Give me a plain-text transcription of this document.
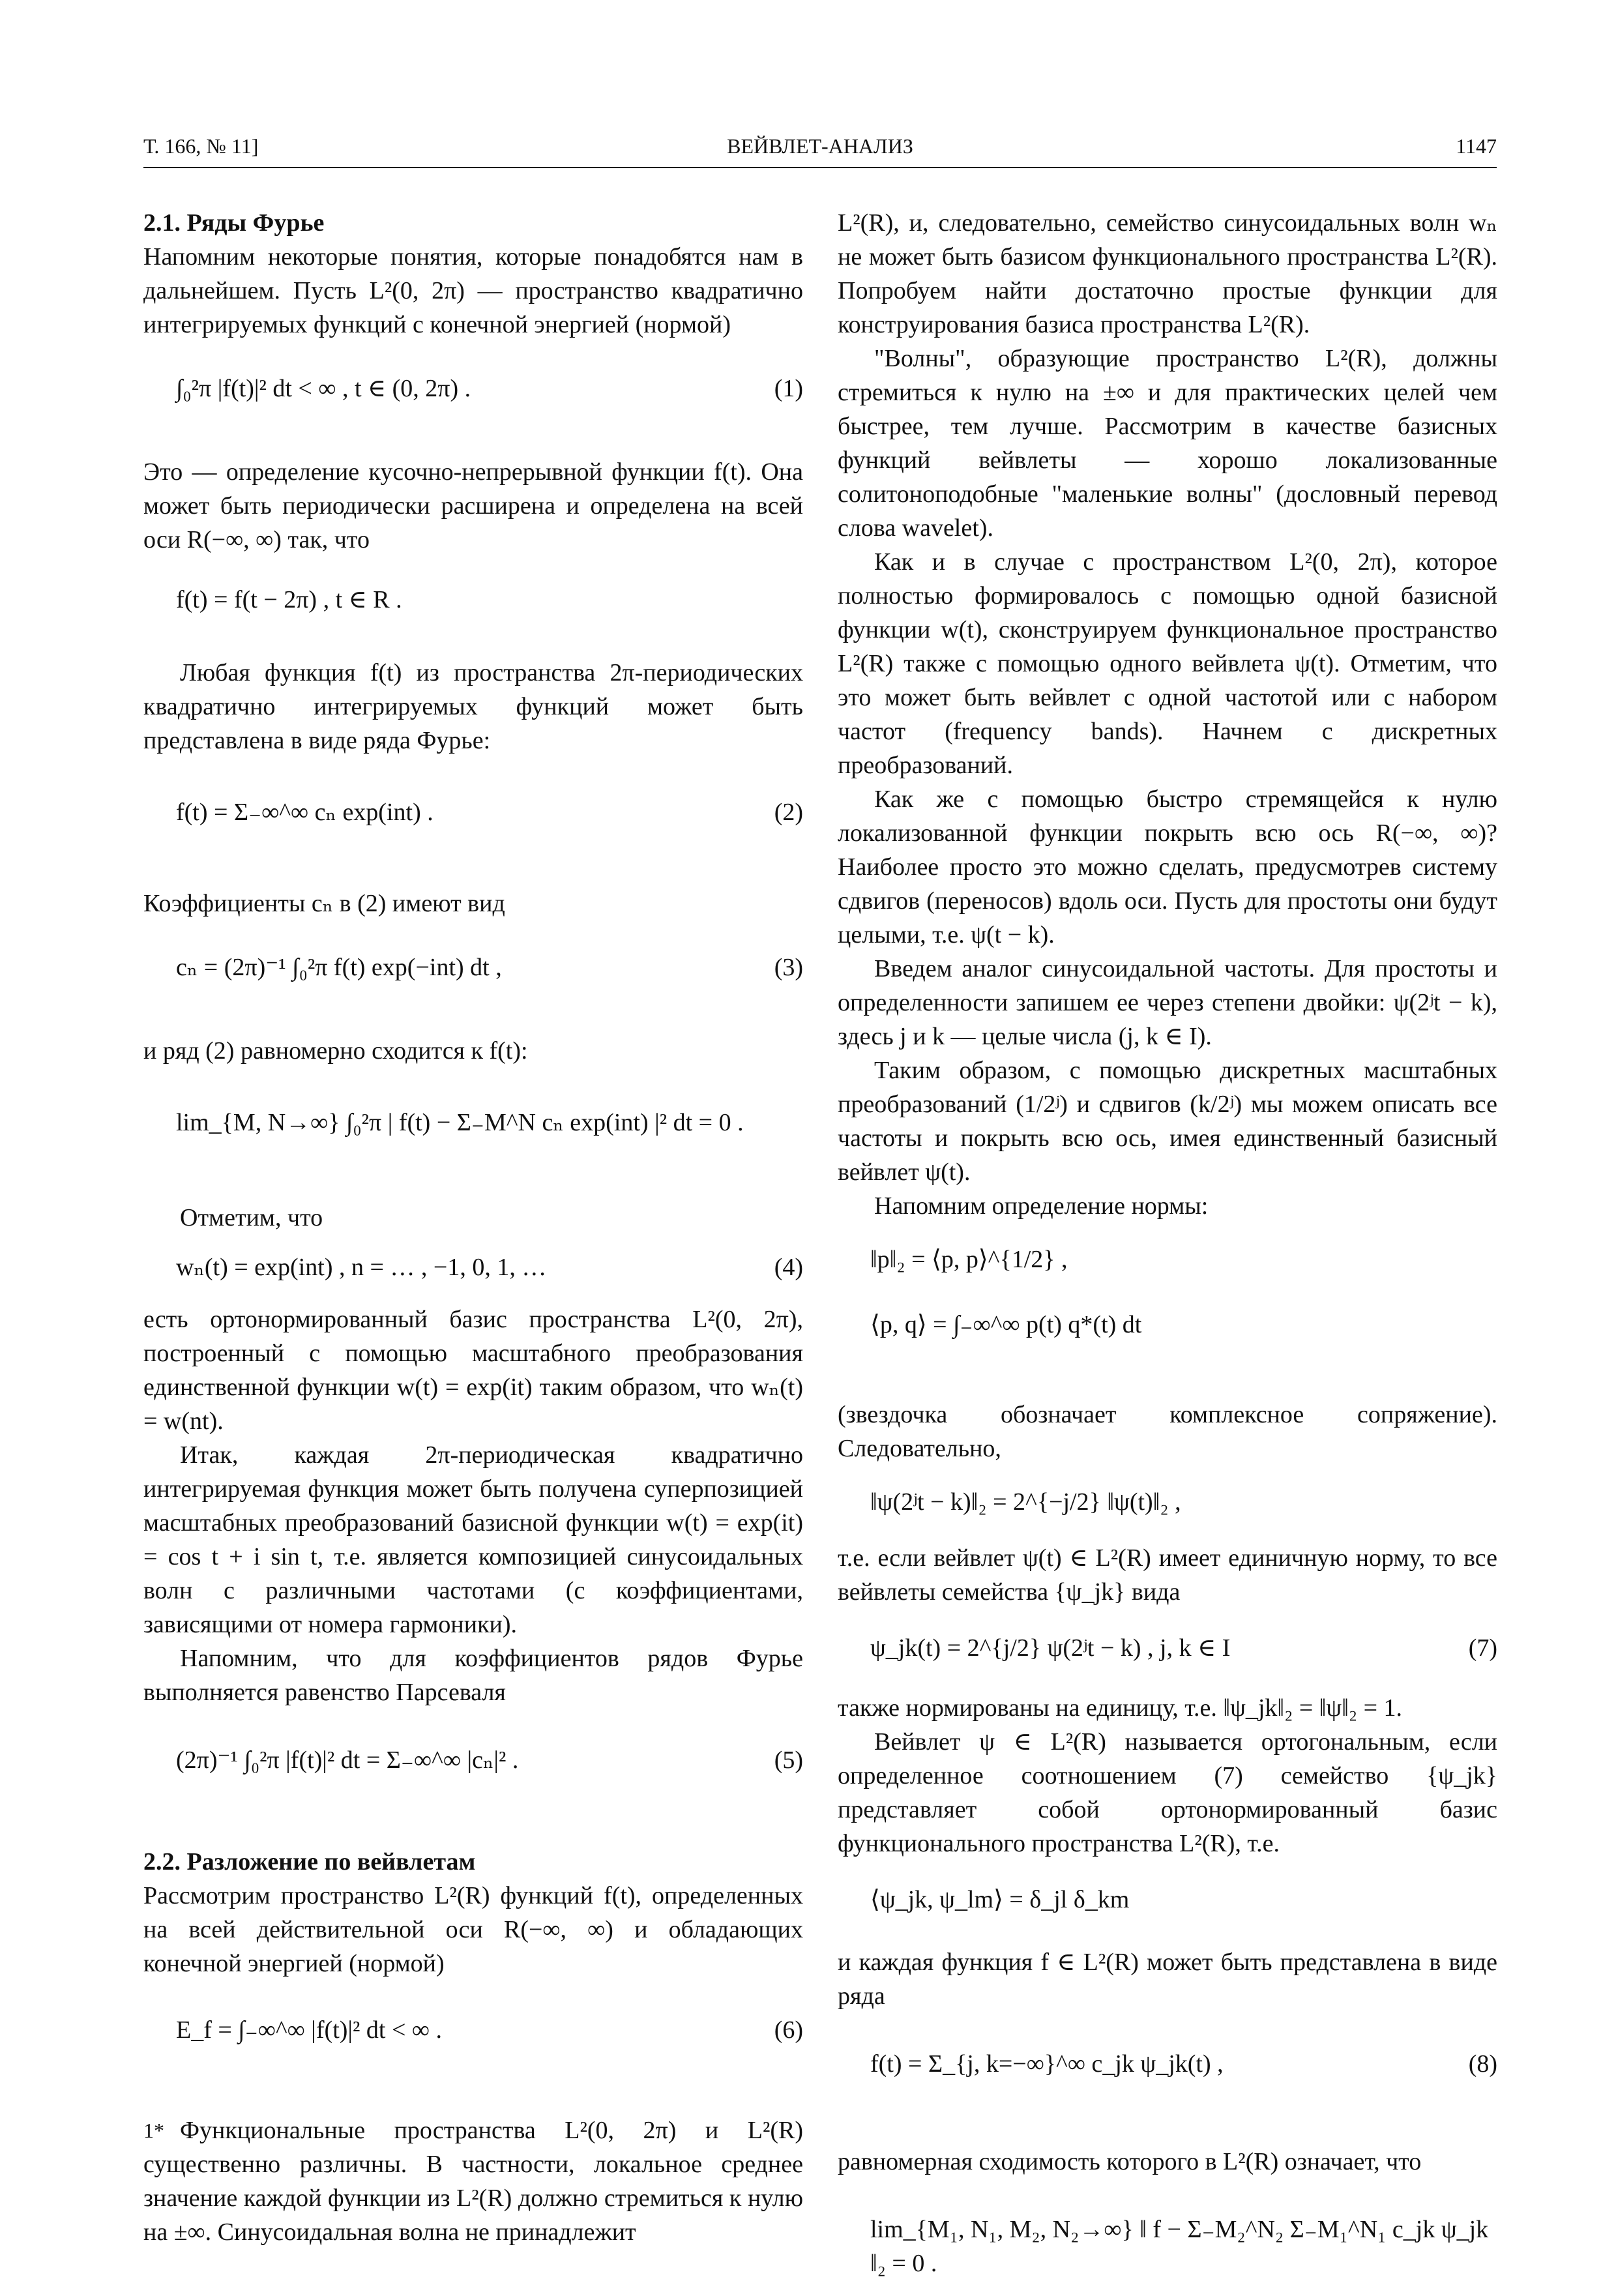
Т. 166, № 11]	ВЕЙВЛЕТ-АНАЛИЗ	1147
2.1. Ряды Фурье

Напомним некоторые понятия, которые понадобятся нам в дальнейшем. Пусть L²(0, 2π) — пространство квадратично интегрируемых функций с конечной энергией (нормой)

∫₀²π |f(t)|² dt < ∞ , t ∈ (0, 2π) .	(1)

Это — определение кусочно-непрерывной функции f(t). Она может быть периодически расширена и определена на всей оси R(−∞, ∞) так, что

f(t) = f(t − 2π) , t ∈ R .

Любая функция f(t) из пространства 2π-периодических квадратично интегрируемых функций может быть представлена в виде ряда Фурье:

f(t) = Σ₋∞^∞ cₙ exp(int) .	(2)

Коэффициенты cₙ в (2) имеют вид

cₙ = (2π)⁻¹ ∫₀²π f(t) exp(−int) dt ,	(3)

и ряд (2) равномерно сходится к f(t):

lim_{M, N→∞} ∫₀²π | f(t) − Σ₋M^N cₙ exp(int) |² dt = 0 .

Отметим, что

wₙ(t) = exp(int) , n = … , −1, 0, 1, …	(4)

есть ортонормированный базис пространства L²(0, 2π), построенный с помощью масштабного преобразования единственной функции w(t) = exp(it) таким образом, что wₙ(t) = w(nt).

Итак, каждая 2π-периодическая квадратично интегрируемая функция может быть получена суперпозицией масштабных преобразований базисной функции w(t) = exp(it) = cos t + i sin t, т.е. является композицией синусоидальных волн с различными частотами (с коэффициентами, зависящими от номера гармоники).

Напомним, что для коэффициентов рядов Фурье выполняется равенство Парсеваля

(2π)⁻¹ ∫₀²π |f(t)|² dt = Σ₋∞^∞ |cₙ|² .	(5)
2.2. Разложение по вейвлетам

Рассмотрим пространство L²(R) функций f(t), определенных на всей действительной оси R(−∞, ∞) и обладающих конечной энергией (нормой)

E_f = ∫₋∞^∞ |f(t)|² dt < ∞ .	(6)

Функциональные пространства L²(0, 2π) и L²(R) существенно различны. В частности, локальное среднее значение каждой функции из L²(R) должно стремиться к нулю на ±∞. Синусоидальная волна не принадлежит

1*

L²(R), и, следовательно, семейство синусоидальных волн wₙ не может быть базисом функционального пространства L²(R). Попробуем найти достаточно простые функции для конструирования базиса пространства L²(R).

"Волны", образующие пространство L²(R), должны стремиться к нулю на ±∞ и для практических целей чем быстрее, тем лучше. Рассмотрим в качестве базисных функций вейвлеты — хорошо локализованные солитоноподобные "маленькие волны" (дословный перевод слова wavelet).

Как и в случае с пространством L²(0, 2π), которое полностью формировалось с помощью одной базисной функции w(t), сконструируем функциональное пространство L²(R) также с помощью одного вейвлета ψ(t). Отметим, что это может быть вейвлет с одной частотой или с набором частот (frequency bands). Начнем с дискретных преобразований.

Как же с помощью быстро стремящейся к нулю локализованной функции покрыть всю ось R(−∞, ∞)? Наиболее просто это можно сделать, предусмотрев систему сдвигов (переносов) вдоль оси. Пусть для простоты они будут целыми, т.е. ψ(t − k).

Введем аналог синусоидальной частоты. Для простоты и определенности запишем ее через степени двойки: ψ(2ʲt − k), здесь j и k — целые числа (j, k ∈ I).

Таким образом, с помощью дискретных масштабных преобразований (1/2ʲ) и сдвигов (k/2ʲ) мы можем описать все частоты и покрыть всю ось, имея единственный базисный вейвлет ψ(t).

Напомним определение нормы:

‖p‖₂ = ⟨p, p⟩^{1/2} ,
⟨p, q⟩ = ∫₋∞^∞ p(t) q*(t) dt

(звездочка обозначает комплексное сопряжение). Следовательно,

‖ψ(2ʲt − k)‖₂ = 2^{−j/2} ‖ψ(t)‖₂ ,

т.е. если вейвлет ψ(t) ∈ L²(R) имеет единичную норму, то все вейвлеты семейства {ψ_jk} вида

ψ_jk(t) = 2^{j/2} ψ(2ʲt − k) , j, k ∈ I	(7)

также нормированы на единицу, т.е. ‖ψ_jk‖₂ = ‖ψ‖₂ = 1.

Вейвлет ψ ∈ L²(R) называется ортогональным, если определенное соотношением (7) семейство {ψ_jk} представляет собой ортонормированный базис функционального пространства L²(R), т.е.

⟨ψ_jk, ψ_lm⟩ = δ_jl δ_km

и каждая функция f ∈ L²(R) может быть представлена в виде ряда

f(t) = Σ_{j, k=−∞}^∞ c_jk ψ_jk(t) ,	(8)

равномерная сходимость которого в L²(R) означает, что

lim_{M₁, N₁, M₂, N₂→∞} ‖ f − Σ₋M₂^N₂ Σ₋M₁^N₁ c_jk ψ_jk ‖₂ = 0 .
